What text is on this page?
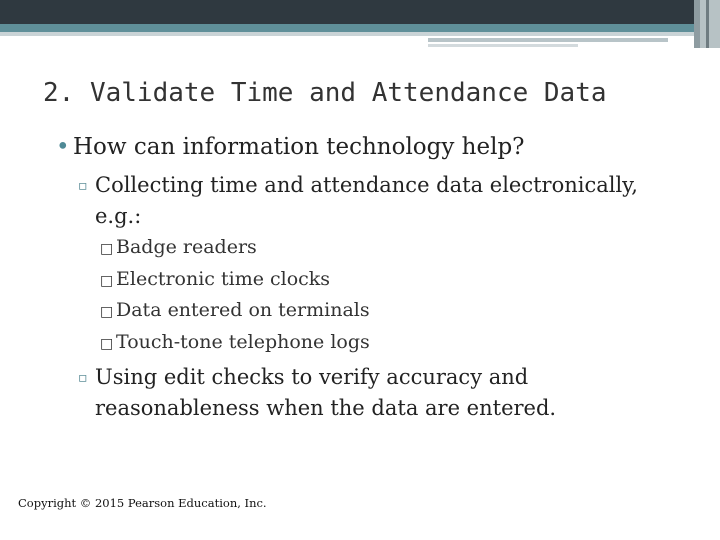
2. Validate Time and Attendance Data
• How can information technology help?
▫ Collecting time and attendance data electronically,
e.g.:
□ Badge readers
□ Electronic time clocks
□ Data entered on terminals
□ Touch-tone telephone logs
▫ Using edit checks to verify accuracy and
reasonableness when the data are entered.
Copyright © 2015 Pearson Education, Inc.
